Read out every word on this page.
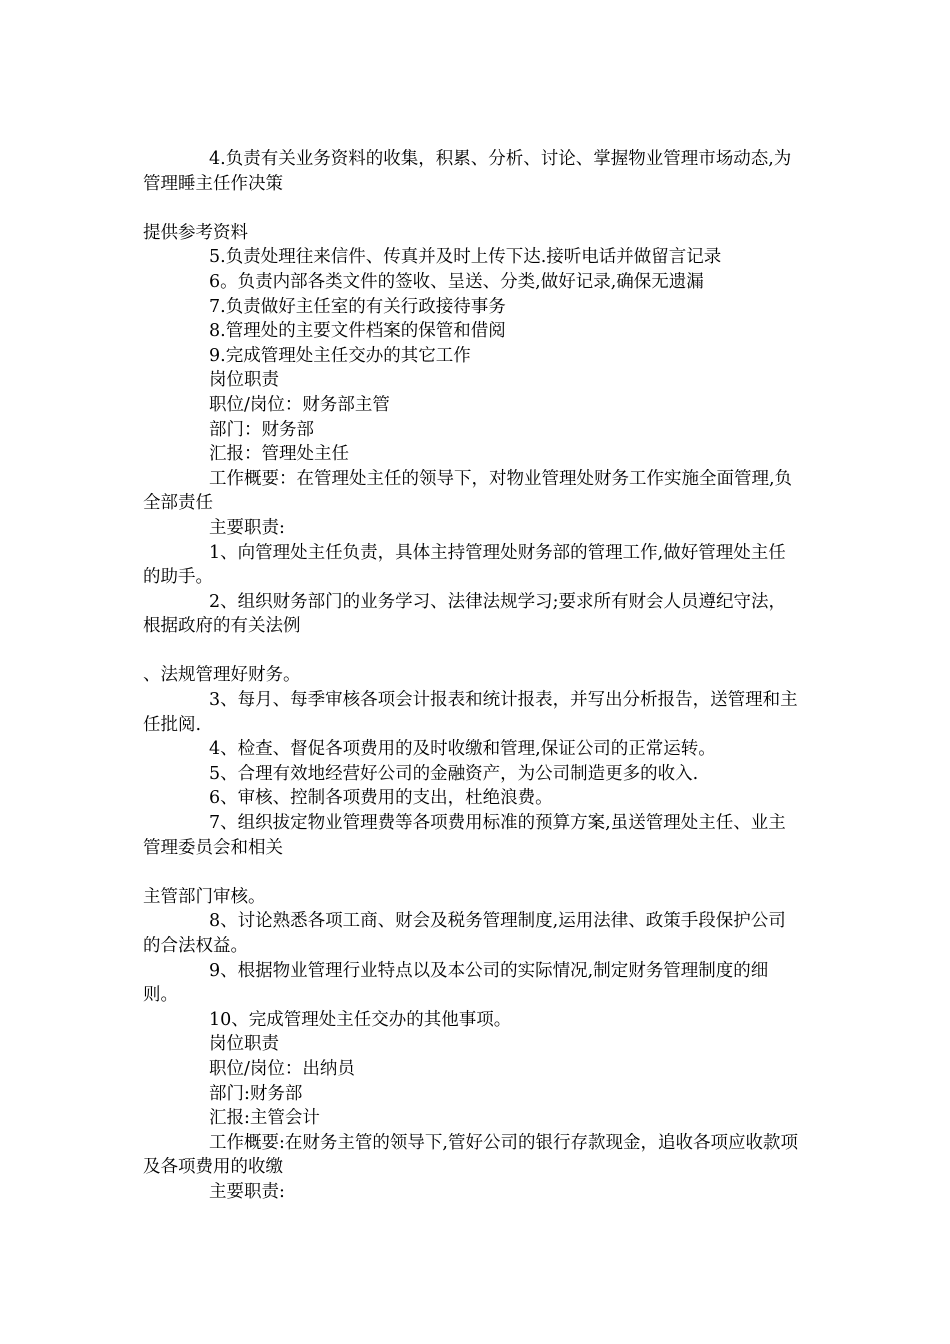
4.负责有关业务资料的收集，积累、分析、讨论、掌握物业管理市场动态,为管理睡主任作决策

提供参考资料

5.负责处理往来信件、传真并及时上传下达.接听电话并做留言记录

6。负责内部各类文件的签收、呈送、分类,做好记录,确保无遗漏

7.负责做好主任室的有关行政接待事务

8.管理处的主要文件档案的保管和借阅

9.完成管理处主任交办的其它工作

岗位职责

职位/岗位：财务部主管

部门：财务部

汇报：管理处主任

工作概要：在管理处主任的领导下，对物业管理处财务工作实施全面管理,负全部责任

主要职责:

1、向管理处主任负责，具体主持管理处财务部的管理工作,做好管理处主任的助手。

2、组织财务部门的业务学习、法律法规学习;要求所有财会人员遵纪守法，根据政府的有关法例

、法规管理好财务。

3、每月、每季审核各项会计报表和统计报表，并写出分析报告，送管理和主任批阅.

4、检查、督促各项费用的及时收缴和管理,保证公司的正常运转。

5、合理有效地经营好公司的金融资产，为公司制造更多的收入.

6、审核、控制各项费用的支出，杜绝浪费。

7、组织拔定物业管理费等各项费用标准的预算方案,虽送管理处主任、业主管理委员会和相关

主管部门审核。

8、讨论熟悉各项工商、财会及税务管理制度,运用法律、政策手段保护公司的合法权益。

9、根据物业管理行业特点以及本公司的实际情况,制定财务管理制度的细则。

10、完成管理处主任交办的其他事项。

岗位职责

职位/岗位：出纳员

部门:财务部

汇报:主管会计

工作概要:在财务主管的领导下,管好公司的银行存款现金，追收各项应收款项及各项费用的收缴

主要职责:
